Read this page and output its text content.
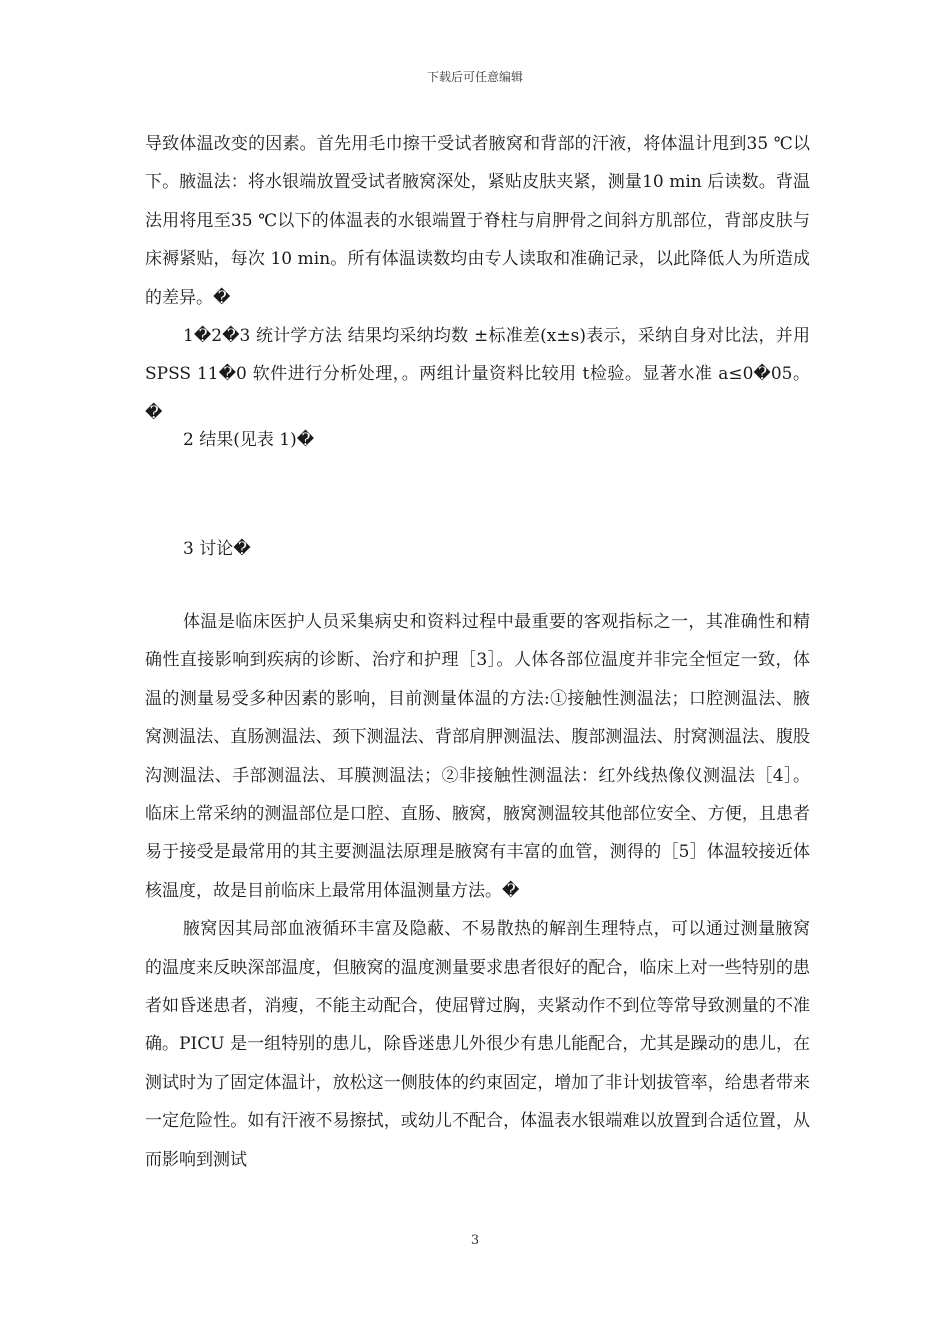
下载后可任意编辑

导致体温改变的因素。首先用毛巾擦干受试者腋窝和背部的汗液，将体温计甩到35 ℃以下。腋温法：将水银端放置受试者腋窝深处，紧贴皮肤夹紧，测量10 min 后读数。背温法用将甩至35 ℃以下的体温表的水银端置于脊柱与肩胛骨之间斜方肌部位，背部皮肤与床褥紧贴，每次 10 min。所有体温读数均由专人读取和准确记录，以此降低人为所造成的差异。�

1�2�3 统计学方法 结果均采纳均数 ±标准差(x±s)表示，采纳自身对比法，并用 SPSS 11�0 软件进行分析处理，。两组计量资料比较用 t检验。显著水准 a≤0�05。�

2 结果(见表 1)�
3 讨论�

体温是临床医护人员采集病史和资料过程中最重要的客观指标之一，其准确性和精确性直接影响到疾病的诊断、治疗和护理［3］。人体各部位温度并非完全恒定一致，体温的测量易受多种因素的影响，目前测量体温的方法:①接触性测温法；口腔测温法、腋窝测温法、直肠测温法、颈下测温法、背部肩胛测温法、腹部测温法、肘窝测温法、腹股沟测温法、手部测温法、耳膜测温法；②非接触性测温法：红外线热像仪测温法［4］。临床上常采纳的测温部位是口腔、直肠、腋窝，腋窝测温较其他部位安全、方便，且患者易于接受是最常用的其主要测温法原理是腋窝有丰富的血管，测得的［5］体温较接近体核温度，故是目前临床上最常用体温测量方法。�

腋窝因其局部血液循环丰富及隐蔽、不易散热的解剖生理特点，可以通过测量腋窝的温度来反映深部温度，但腋窝的温度测量要求患者很好的配合，临床上对一些特别的患者如昏迷患者，消瘦，不能主动配合，使屈臂过胸，夹紧动作不到位等常导致测量的不准确。PICU 是一组特别的患儿，除昏迷患儿外很少有患儿能配合，尤其是躁动的患儿，在测试时为了固定体温计，放松这一侧肢体的约束固定，增加了非计划拔管率，给患者带来一定危险性。如有汗液不易擦拭，或幼儿不配合，体温表水银端难以放置到合适位置，从而影响到测试

3
